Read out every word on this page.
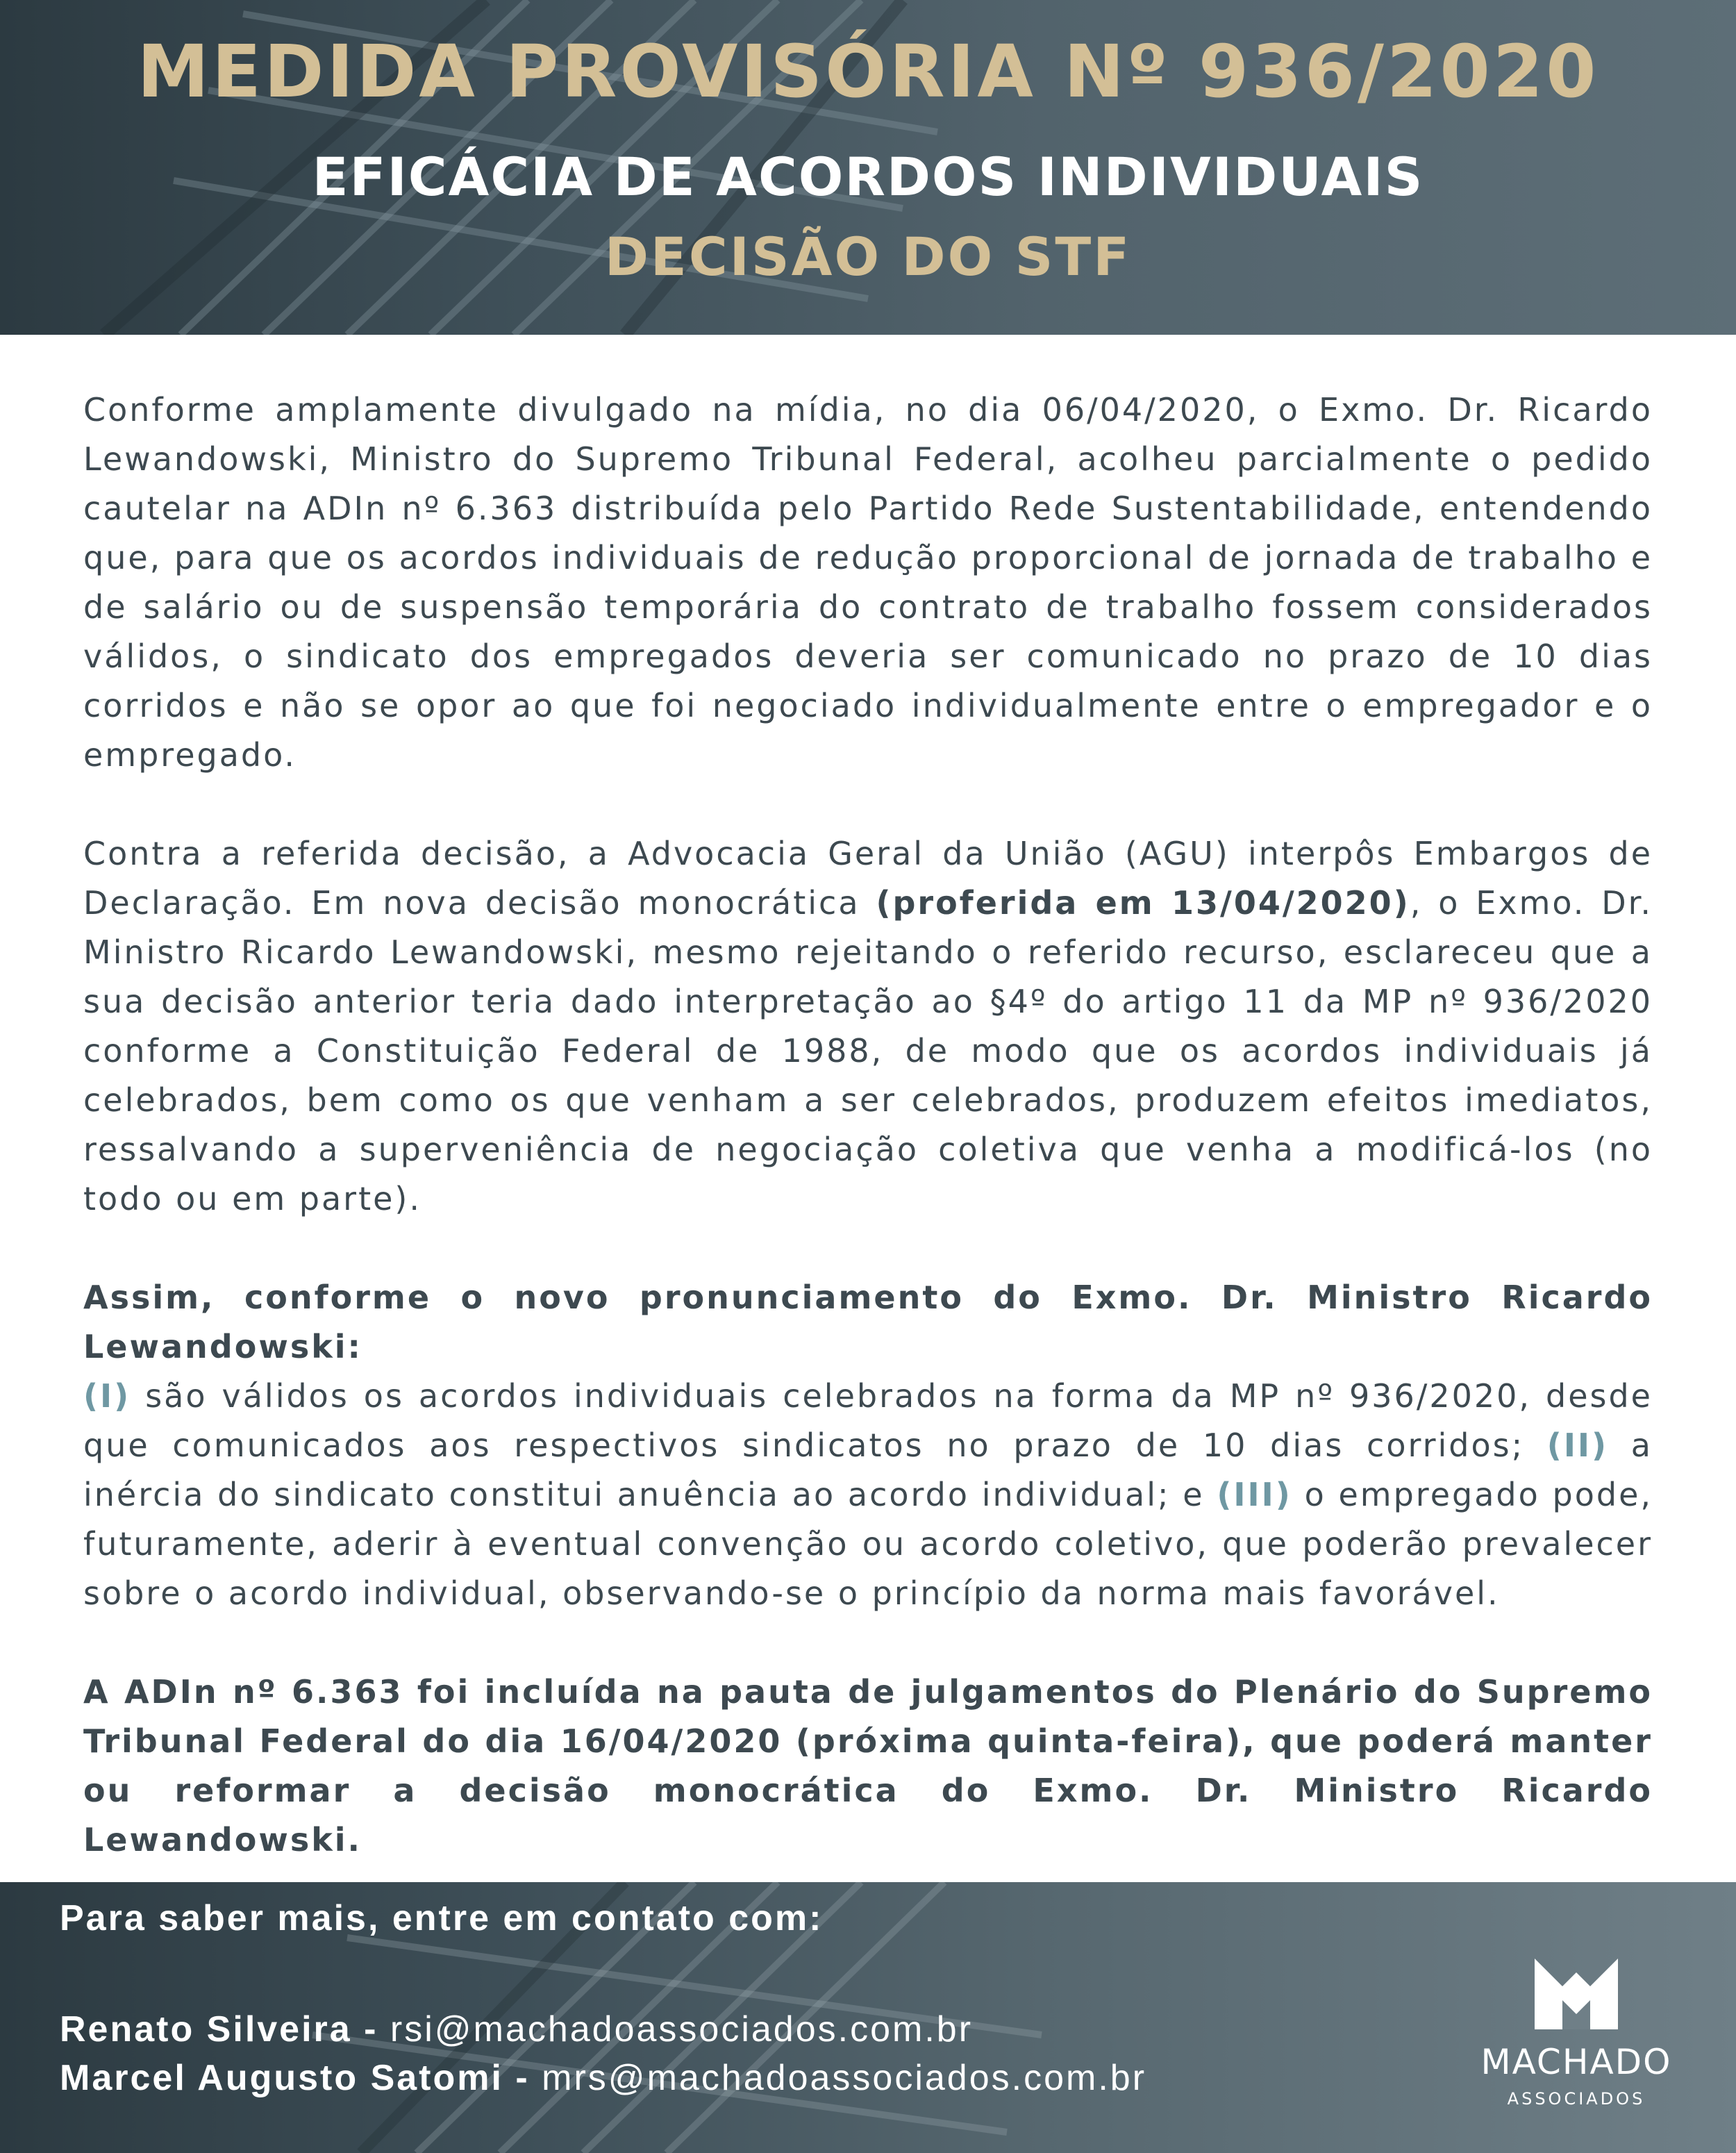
MEDIDA PROVISÓRIA Nº 936/2020
EFICÁCIA DE ACORDOS INDIVIDUAIS
DECISÃO DO STF

Conforme amplamente divulgado na mídia, no dia 06/04/2020, o Exmo. Dr. Ricardo Lewandowski, Ministro do Supremo Tribunal Federal, acolheu parcialmente o pedido cautelar na ADIn nº 6.363 distribuída pelo Partido Rede Sustentabilidade, entendendo que, para que os acordos individuais de redução proporcional de jornada de trabalho e de salário ou de suspensão temporária do contrato de trabalho fossem considerados válidos, o sindicato dos empregados deveria ser comunicado no prazo de 10 dias corridos e não se opor ao que foi negociado individualmente entre o empregador e o empregado.

Contra a referida decisão, a Advocacia Geral da União (AGU) interpôs Embargos de Declaração. Em nova decisão monocrática (proferida em 13/04/2020), o Exmo. Dr. Ministro Ricardo Lewandowski, mesmo rejeitando o referido recurso, esclareceu que a sua decisão anterior teria dado interpretação ao §4º do artigo 11 da MP nº 936/2020 conforme a Constituição Federal de 1988, de modo que os acordos individuais já celebrados, bem como os que venham a ser celebrados, produzem efeitos imediatos, ressalvando a superveniência de negociação coletiva que venha a modificá-los (no todo ou em parte).

Assim, conforme o novo pronunciamento do Exmo. Dr. Ministro Ricardo Lewandowski:

(I) são válidos os acordos individuais celebrados na forma da MP nº 936/2020, desde que comunicados aos respectivos sindicatos no prazo de 10 dias corridos; (II) a inércia do sindicato constitui anuência ao acordo individual; e (III) o empregado pode, futuramente, aderir à eventual convenção ou acordo coletivo, que poderão prevalecer sobre o acordo individual, observando-se o princípio da norma mais favorável.

A ADIn nº 6.363 foi incluída na pauta de julgamentos do Plenário do Supremo Tribunal Federal do dia 16/04/2020 (próxima quinta-feira), que poderá manter ou reformar a decisão monocrática do Exmo. Dr. Ministro Ricardo Lewandowski.

Para saber mais, entre em contato com:
Renato Silveira - rsi@machadoassociados.com.br
Marcel Augusto Satomi - mrs@machadoassociados.com.br	MACHADO
ASSOCIADOS
